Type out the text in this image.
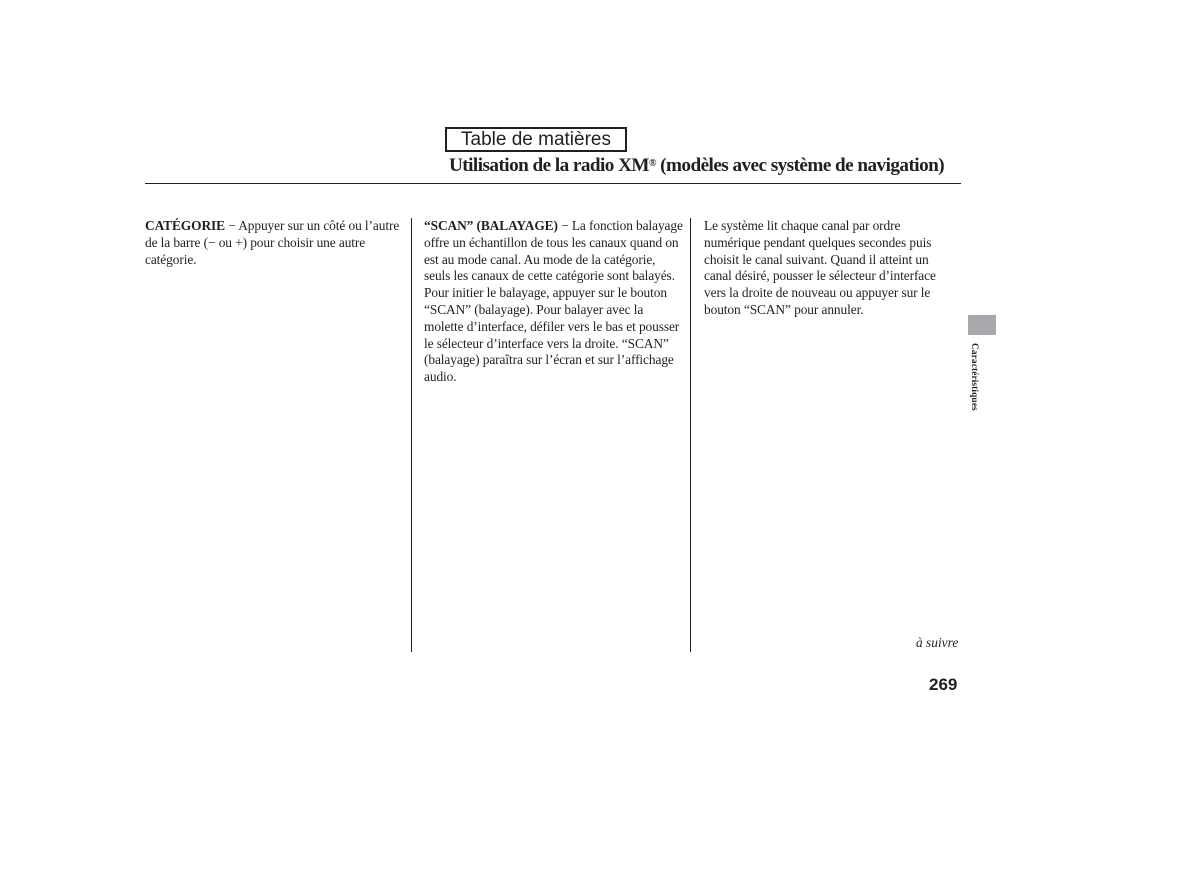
Table de matières
Utilisation de la radio XM® (modèles avec système de navigation)
CATÉGORIE − Appuyer sur un côté ou l’autre de la barre (− ou +) pour choisir une autre catégorie.
“SCAN” (BALAYAGE) − La fonction balayage offre un échantillon de tous les canaux quand on est au mode canal. Au mode de la catégorie, seuls les canaux de cette catégorie sont balayés. Pour initier le balayage, appuyer sur le bouton “SCAN” (balayage). Pour balayer avec la molette d’interface, défiler vers le bas et pousser le sélecteur d’interface vers la droite. “SCAN” (balayage) paraîtra sur l’écran et sur l’affichage audio.
Le système lit chaque canal par ordre numérique pendant quelques secondes puis choisit le canal suivant. Quand il atteint un canal désiré, pousser le sélecteur d’interface vers la droite de nouveau ou appuyer sur le bouton “SCAN” pour annuler.
Caractéristiques
à suivre
269
